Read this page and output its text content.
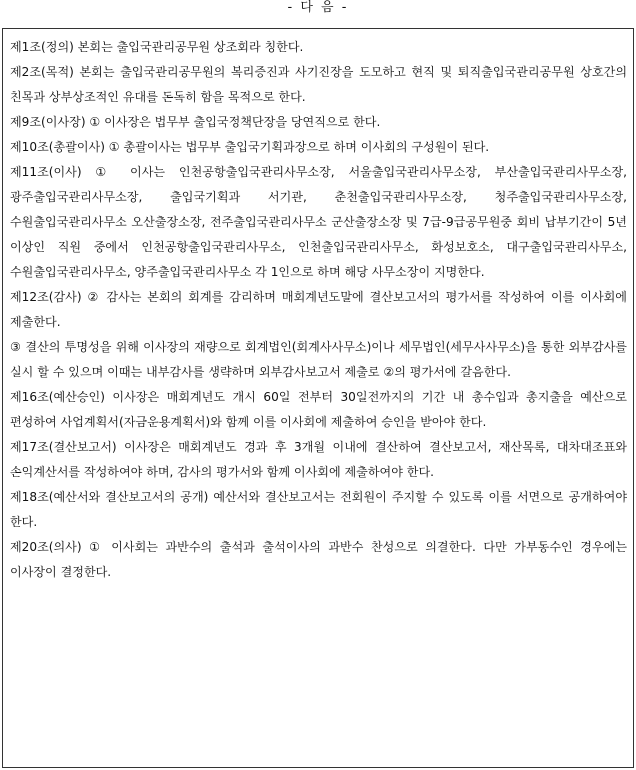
- 다 음 -

제1조(정의) 본회는 출입국관리공무원 상조회라 칭한다.

제2조(목적) 본회는 출입국관리공무원의 복리증진과 사기진장을 도모하고 현직 및 퇴직출입국관리공무원 상호간의 친목과 상부상조적인 유대를 돈독히 함을 목적으로 한다.

제9조(이사장) ① 이사장은 법무부 출입국정책단장을 당연직으로 한다.

제10조(총괄이사) ① 총괄이사는 법무부 출입국기획과장으로 하며 이사회의 구성원이 된다.

제11조(이사) ① 이사는 인천공항출입국관리사무소장, 서울출입국관리사무소장, 부산출입국관리사무소장, 광주출입국관리사무소장, 출입국기획과 서기관, 춘천출입국관리사무소장, 청주출입국관리사무소장, 수원출입국관리사무소 오산출장소장, 전주출입국관리사무소 군산출장소장 및 7급-9급공무원중 회비 납부기간이 5년 이상인 직원 중에서 인천공항출입국관리사무소, 인천출입국관리사무소, 화성보호소, 대구출입국관리사무소, 수원출입국관리사무소, 양주출입국관리사무소 각 1인으로 하며 해당 사무소장이 지명한다.

제12조(감사) ② 감사는 본회의 회계를 감리하며 매회계년도말에 결산보고서의 평가서를 작성하여 이를 이사회에 제출한다.

③ 결산의 투명성을 위해 이사장의 재량으로 회계법인(회계사사무소)이나 세무법인(세무사사무소)을 통한 외부감사를 실시 할 수 있으며 이때는 내부감사를 생략하며 외부감사보고서 제출로 ②의 평가서에 갈음한다.

제16조(예산승인) 이사장은 매회계년도 개시 60일 전부터 30일전까지의 기간 내 총수입과 총지출을 예산으로 편성하여 사업계획서(자금운용계획서)와 함께 이를 이사회에 제출하여 승인을 받아야 한다.

제17조(결산보고서) 이사장은 매회계년도 경과 후 3개월 이내에 결산하여 결산보고서, 재산목록, 대차대조표와 손익계산서를 작성하여야 하며, 감사의 평가서와 함께 이사회에 제출하여야 한다.

제18조(예산서와 결산보고서의 공개) 예산서와 결산보고서는 전회원이 주지할 수 있도록 이를 서면으로 공개하여야 한다.

제20조(의사) ① 이사회는 과반수의 출석과 출석이사의 과반수 찬성으로 의결한다. 다만 가부동수인 경우에는 이사장이 결정한다.
